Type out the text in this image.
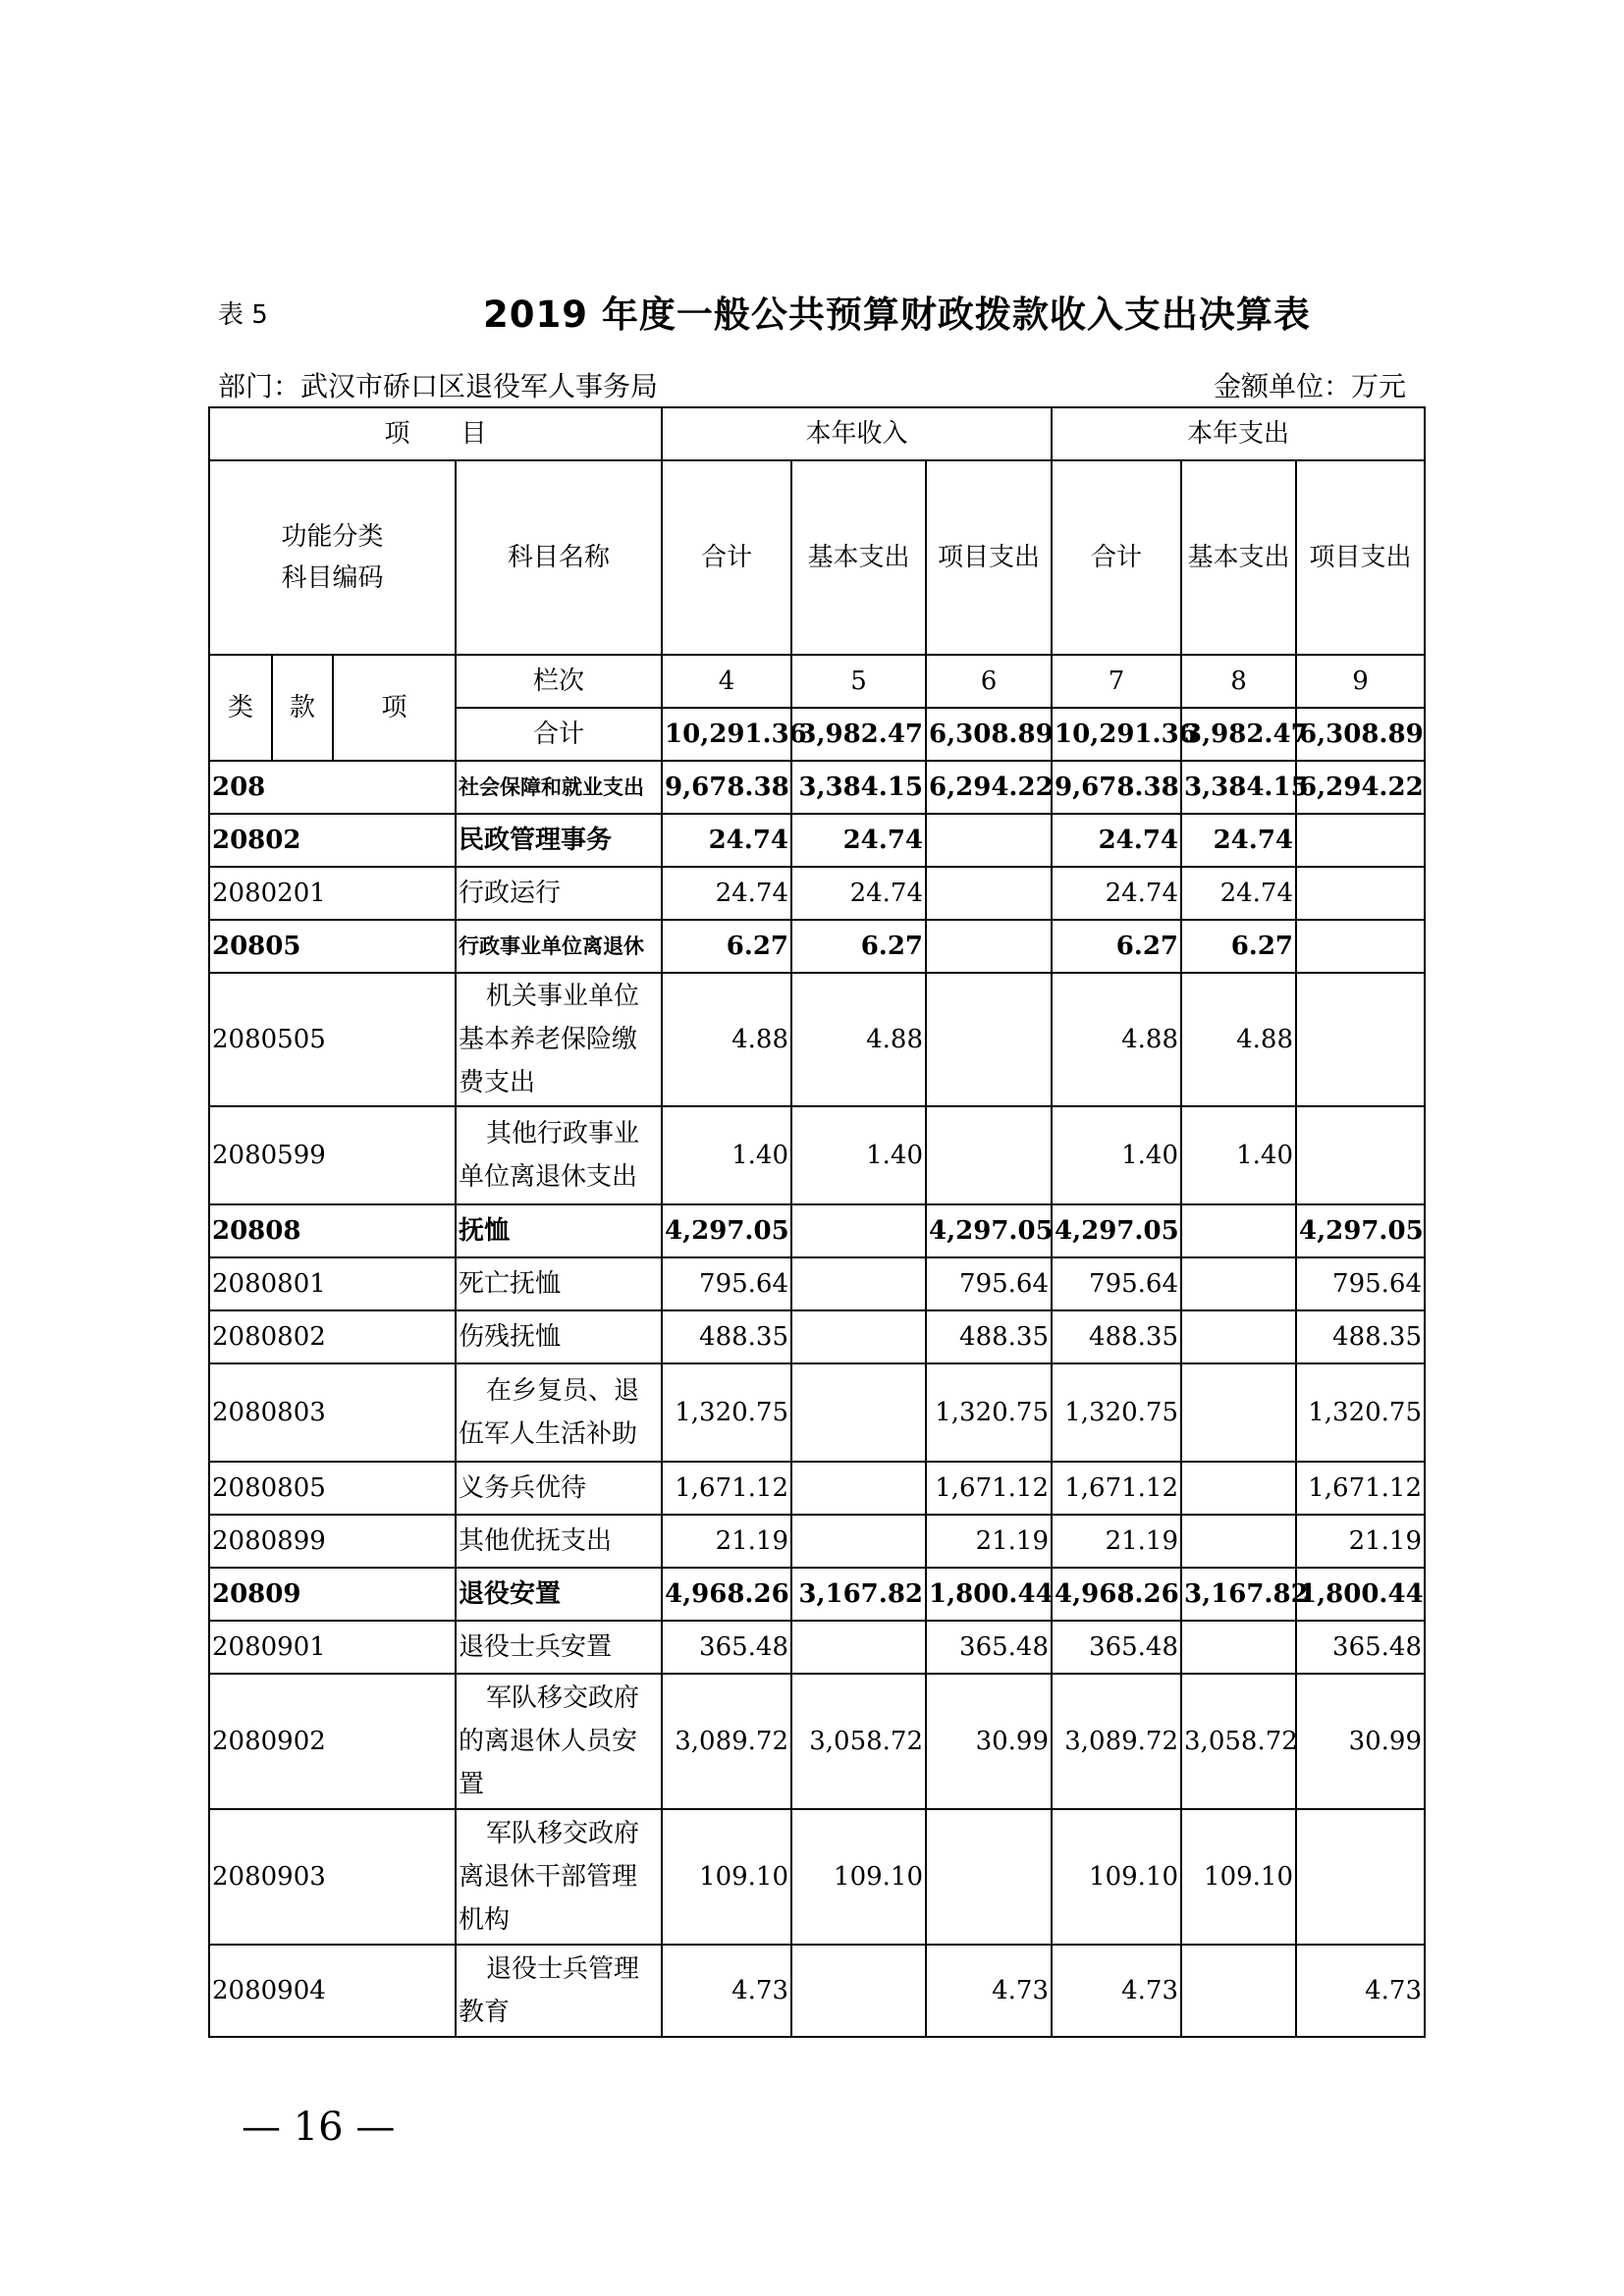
表 5	2019 年度一般公共预算财政拨款收入支出决算表
部门：武汉市硚口区退役军人事务局	金额单位：万元
项　　目				本年收入			本年支出		

功能分类
科目编码			科目名称	合计	基本支出	项目支出	合计	基本支出	项目支出
类	款	项	栏次	4	5	6	7	8	9
			合计	10,291.36	3,982.47	6,308.89	10,291.36	3,982.47	6,308.89
208			社会保障和就业支出	9,678.38	3,384.15	6,294.22	9,678.38	3,384.15	6,294.22
20802			民政管理事务	24.74	24.74		24.74	24.74	
2080201			行政运行	24.74	24.74		24.74	24.74	
20805			行政事业单位离退休	6.27	6.27		6.27	6.27	
2080505			机关事业单位基本养老保险缴费支出	4.88	4.88		4.88	4.88	
2080599			其他行政事业单位离退休支出	1.40	1.40		1.40	1.40	
20808			抚恤	4,297.05		4,297.05	4,297.05		4,297.05
2080801			死亡抚恤	795.64		795.64	795.64		795.64
2080802			伤残抚恤	488.35		488.35	488.35		488.35
2080803			在乡复员、退伍军人生活补助	1,320.75		1,320.75	1,320.75		1,320.75
2080805			义务兵优待	1,671.12		1,671.12	1,671.12		1,671.12
2080899			其他优抚支出	21.19		21.19	21.19		21.19
20809			退役安置	4,968.26	3,167.82	1,800.44	4,968.26	3,167.82	1,800.44
2080901			退役士兵安置	365.48		365.48	365.48		365.48
2080902			军队移交政府的离退休人员安置	3,089.72	3,058.72	30.99	3,089.72	3,058.72	30.99
2080903			军队移交政府离退休干部管理机构	109.10	109.10		109.10	109.10	
2080904			退役士兵管理教育	4.73		4.73	4.73		4.73
— 16 —
